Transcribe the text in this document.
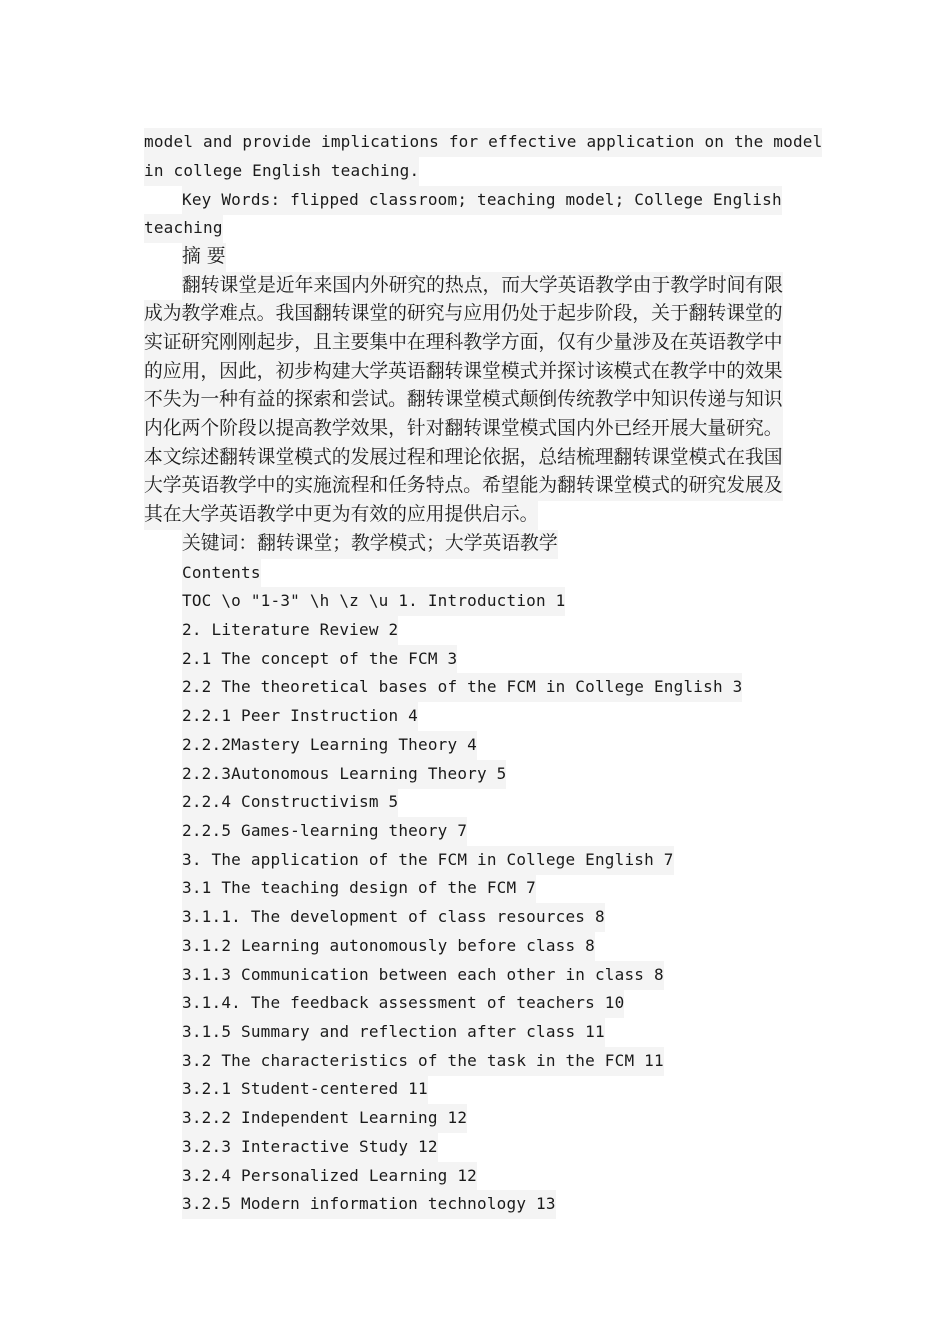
model and provide implications for effective application on the model
in college English teaching.
Key Words: flipped classroom; teaching model; College English
teaching
摘 要
翻转课堂是近年来国内外研究的热点，而大学英语教学由于教学时间有限
成为教学难点。我国翻转课堂的研究与应用仍处于起步阶段，关于翻转课堂的
实证研究刚刚起步，且主要集中在理科教学方面，仅有少量涉及在英语教学中
的应用，因此，初步构建大学英语翻转课堂模式并探讨该模式在教学中的效果
不失为一种有益的探索和尝试。翻转课堂模式颠倒传统教学中知识传递与知识
内化两个阶段以提高教学效果，针对翻转课堂模式国内外已经开展大量研究。
本文综述翻转课堂模式的发展过程和理论依据，总结梳理翻转课堂模式在我国
大学英语教学中的实施流程和任务特点。希望能为翻转课堂模式的研究发展及
其在大学英语教学中更为有效的应用提供启示。
关键词：翻转课堂；教学模式；大学英语教学
Contents
TOC \o "1-3" \h \z \u 1. Introduction 1
2. Literature Review 2
2.1 The concept of the FCM 3
2.2 The theoretical bases of the FCM in College English 3
2.2.1 Peer Instruction 4
2.2.2Mastery Learning Theory 4
2.2.3Autonomous Learning Theory 5
2.2.4 Constructivism 5
2.2.5 Games-learning theory 7
3. The application of the FCM in College English 7
3.1 The teaching design of the FCM 7
3.1.1. The development of class resources 8
3.1.2 Learning autonomously before class 8
3.1.3 Communication between each other in class 8
3.1.4. The feedback assessment of teachers 10
3.1.5 Summary and reflection after class 11
3.2 The characteristics of the task in the FCM 11
3.2.1 Student-centered 11
3.2.2 Independent Learning 12
3.2.3 Interactive Study 12
3.2.4 Personalized Learning 12
3.2.5 Modern information technology 13
